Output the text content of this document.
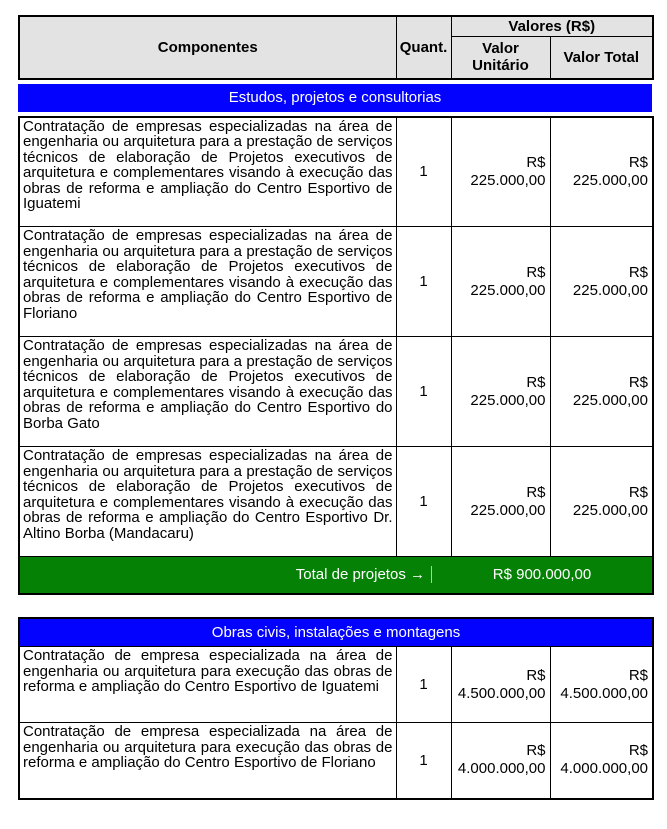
Componentes	Quant.	Valores (R$)	
		Valor Unitário	Valor Total
Estudos, projetos e consultorias
Contratação de empresas especializadas na área de engenharia ou arquitetura para a prestação de serviços técnicos de elaboração de Projetos executivos de arquitetura e complementares visando à execução das obras de reforma e ampliação do Centro Esportivo de Iguatemi	1	R$ 225.000,00	R$ 225.000,00
Contratação de empresas especializadas na área de engenharia ou arquitetura para a prestação de serviços técnicos de elaboração de Projetos executivos de arquitetura e complementares visando à execução das obras de reforma e ampliação do Centro Esportivo de Floriano	1	R$ 225.000,00	R$ 225.000,00
Contratação de empresas especializadas na área de engenharia ou arquitetura para a prestação de serviços técnicos de elaboração de Projetos executivos de arquitetura e complementares visando à execução das obras de reforma e ampliação do Centro Esportivo do Borba Gato	1	R$ 225.000,00	R$ 225.000,00
Contratação de empresas especializadas na área de engenharia ou arquitetura para a prestação de serviços técnicos de elaboração de Projetos executivos de arquitetura e complementares visando à execução das obras de reforma e ampliação do Centro Esportivo Dr. Altino Borba (Mandacaru)	1	R$ 225.000,00	R$ 225.000,00

Total de projetos → R$ 900.000,00			
Obras civis, instalações e montagens			
Contratação de empresa especializada na área de engenharia ou arquitetura para execução das obras de reforma e ampliação do Centro Esportivo de Iguatemi	1	R$ 4.500.000,00	R$ 4.500.000,00
Contratação de empresa especializada na área de engenharia ou arquitetura para execução das obras de reforma e ampliação do Centro Esportivo de Floriano	1	R$ 4.000.000,00	R$ 4.000.000,00
